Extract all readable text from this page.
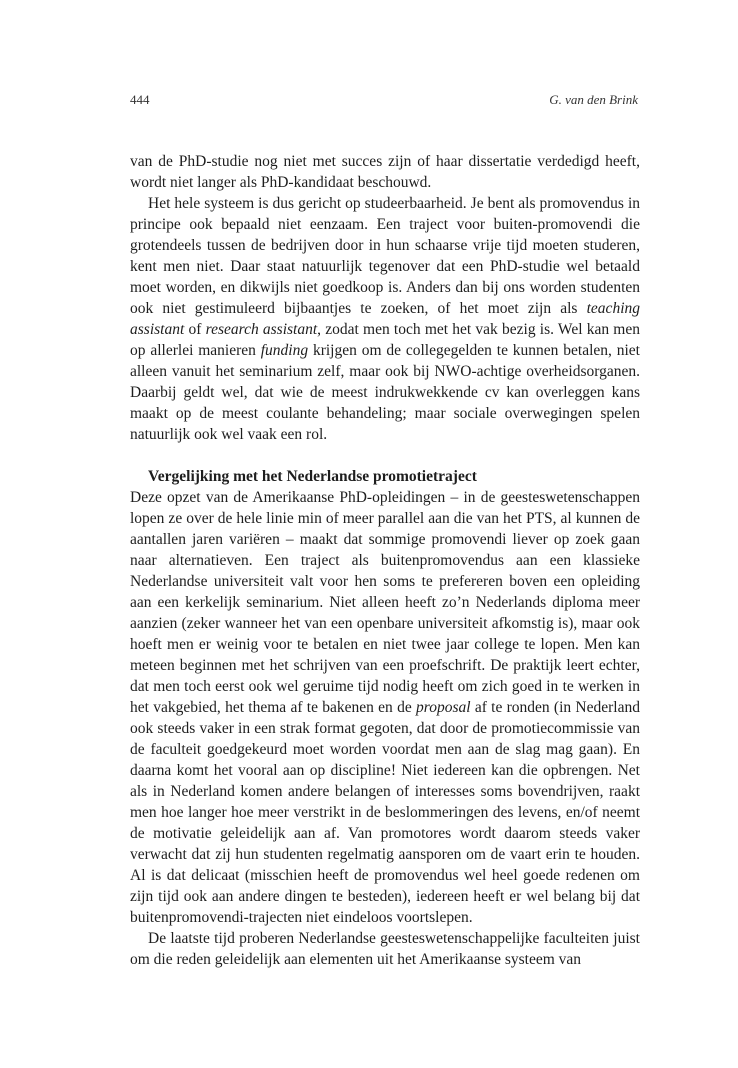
444	G. van den Brink

van de PhD-studie nog niet met succes zijn of haar dissertatie verdedigd heeft, wordt niet langer als PhD-kandidaat beschouwd.

Het hele systeem is dus gericht op studeerbaarheid. Je bent als promovendus in principe ook bepaald niet eenzaam. Een traject voor buiten-promovendi die grotendeels tussen de bedrijven door in hun schaarse vrije tijd moeten studeren, kent men niet. Daar staat natuurlijk tegenover dat een PhD-studie wel betaald moet worden, en dikwijls niet goedkoop is. Anders dan bij ons worden studenten ook niet gestimuleerd bijbaantjes te zoeken, of het moet zijn als teaching assistant of research assistant, zodat men toch met het vak bezig is. Wel kan men op allerlei manieren funding krijgen om de collegegelden te kunnen betalen, niet alleen vanuit het seminarium zelf, maar ook bij NWO-achtige overheidsorganen. Daarbij geldt wel, dat wie de meest indrukwekkende cv kan overleggen kans maakt op de meest coulante behandeling; maar sociale overwegingen spelen natuurlijk ook wel vaak een rol.

Vergelijking met het Nederlandse promotietraject

Deze opzet van de Amerikaanse PhD-opleidingen – in de geesteswetenschappen lopen ze over de hele linie min of meer parallel aan die van het PTS, al kunnen de aantallen jaren variëren – maakt dat sommige promovendi liever op zoek gaan naar alternatieven. Een traject als buitenpromovendus aan een klassieke Nederlandse universiteit valt voor hen soms te prefereren boven een opleiding aan een kerkelijk seminarium. Niet alleen heeft zo’n Nederlands diploma meer aanzien (zeker wanneer het van een openbare universiteit afkomstig is), maar ook hoeft men er weinig voor te betalen en niet twee jaar college te lopen. Men kan meteen beginnen met het schrijven van een proefschrift. De praktijk leert echter, dat men toch eerst ook wel geruime tijd nodig heeft om zich goed in te werken in het vakgebied, het thema af te bakenen en de proposal af te ronden (in Nederland ook steeds vaker in een strak format gegoten, dat door de promotiecommissie van de faculteit goedgekeurd moet worden voordat men aan de slag mag gaan). En daarna komt het vooral aan op discipline! Niet iedereen kan die opbrengen. Net als in Nederland komen andere belangen of interesses soms bovendrijven, raakt men hoe langer hoe meer verstrikt in de beslommeringen des levens, en/of neemt de motivatie geleidelijk aan af. Van promotores wordt daarom steeds vaker verwacht dat zij hun studenten regelmatig aansporen om de vaart erin te houden. Al is dat delicaat (misschien heeft de promovendus wel heel goede redenen om zijn tijd ook aan andere dingen te besteden), iedereen heeft er wel belang bij dat buitenpromovendi-trajecten niet eindeloos voortslepen.

De laatste tijd proberen Nederlandse geesteswetenschappelijke faculteiten juist om die reden geleidelijk aan elementen uit het Amerikaanse systeem van
